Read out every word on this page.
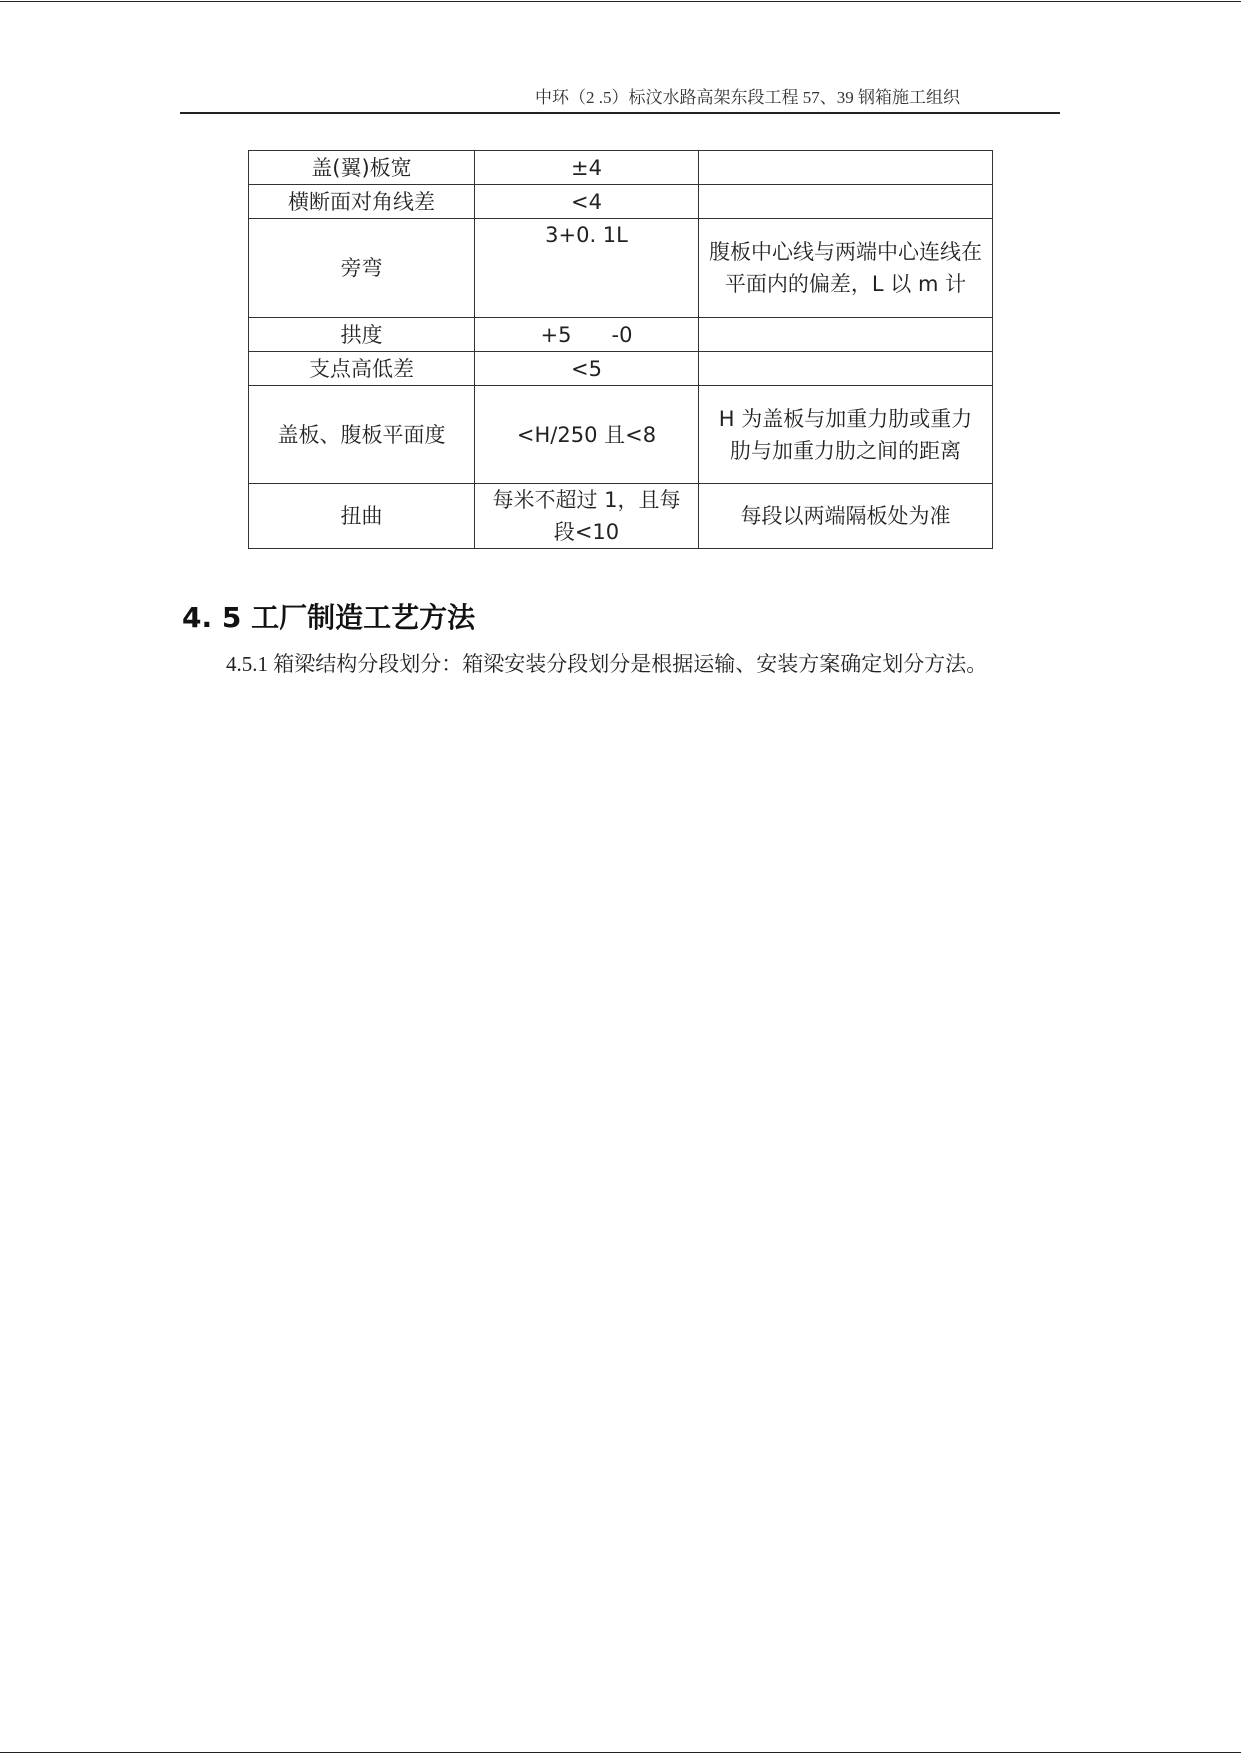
中环（2 .5）标汶水路高架东段工程 57、39 钢箱施工组织
盖(翼)板宽	±4	
横断面对角线差	<4	
旁弯	3+0. 1L	腹板中心线与两端中心连线在平面内的偏差，L 以 m 计
拱度	+5      -0	
支点高低差	<5	
盖板、腹板平面度	<H/250 且<8	H 为盖板与加重力肋或重力肋与加重力肋之间的距离
扭曲	每米不超过 1，且每段<10	每段以两端隔板处为准
4. 5 工厂制造工艺方法
4.5.1 箱梁结构分段划分：箱梁安装分段划分是根据运输、安装方案确定划分方法。
